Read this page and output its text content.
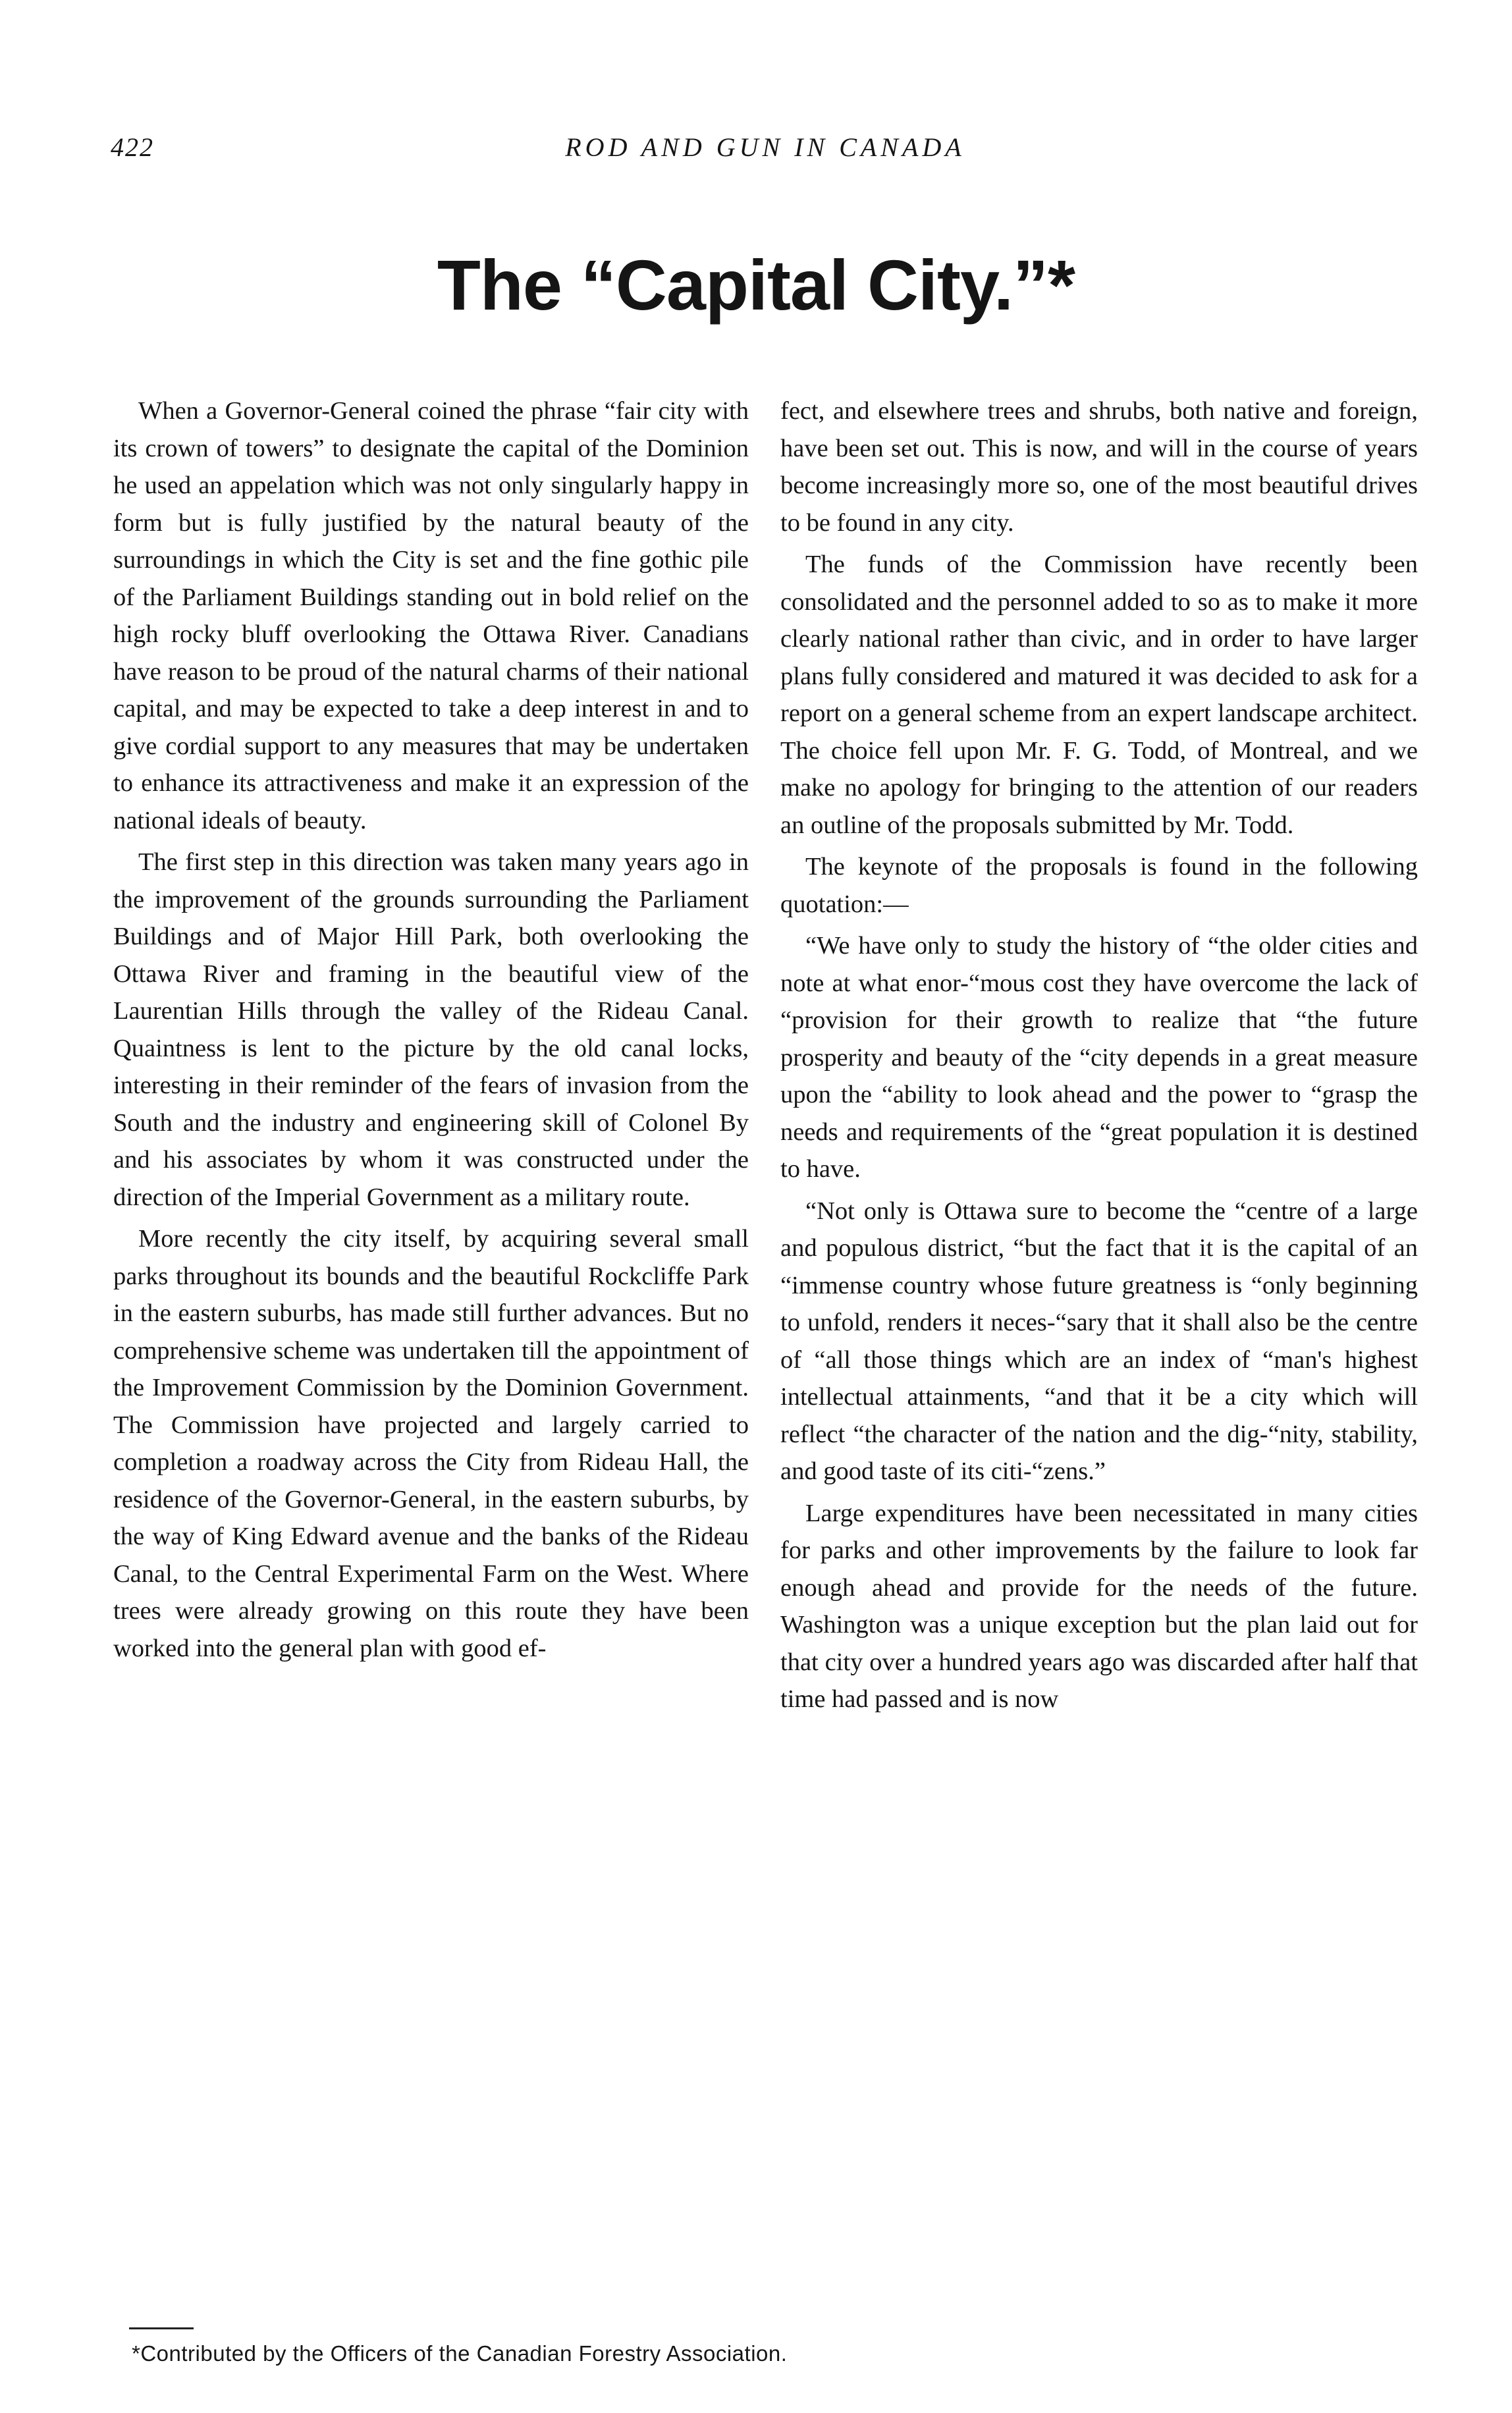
422	ROD AND GUN IN CANADA
The “Capital City.”*

When a Governor-General coined the phrase “fair city with its crown of towers” to designate the capital of the Dominion he used an appelation which was not only singularly happy in form but is fully justified by the natural beauty of the surroundings in which the City is set and the fine gothic pile of the Parliament Buildings standing out in bold relief on the high rocky bluff overlooking the Ottawa River. Canadians have reason to be proud of the natural charms of their national capital, and may be expected to take a deep interest in and to give cordial support to any measures that may be undertaken to enhance its attractiveness and make it an expression of the national ideals of beauty.

The first step in this direction was taken many years ago in the improvement of the grounds surrounding the Parliament Buildings and of Major Hill Park, both overlooking the Ottawa River and framing in the beautiful view of the Laurentian Hills through the valley of the Rideau Canal. Quaintness is lent to the picture by the old canal locks, interesting in their reminder of the fears of invasion from the South and the industry and engineering skill of Colonel By and his associates by whom it was constructed under the direction of the Imperial Government as a military route.

More recently the city itself, by acquiring several small parks throughout its bounds and the beautiful Rockcliffe Park in the eastern suburbs, has made still further advances. But no comprehensive scheme was undertaken till the appointment of the Improvement Commission by the Dominion Government. The Commission have projected and largely carried to completion a roadway across the City from Rideau Hall, the residence of the Governor-General, in the eastern suburbs, by the way of King Edward avenue and the banks of the Rideau Canal, to the Central Experimental Farm on the West. Where trees were already growing on this route they have been worked into the general plan with good ef-

fect, and elsewhere trees and shrubs, both native and foreign, have been set out. This is now, and will in the course of years become increasingly more so, one of the most beautiful drives to be found in any city.

The funds of the Commission have recently been consolidated and the personnel added to so as to make it more clearly national rather than civic, and in order to have larger plans fully considered and matured it was decided to ask for a report on a general scheme from an expert landscape architect. The choice fell upon Mr. F. G. Todd, of Montreal, and we make no apology for bringing to the attention of our readers an outline of the proposals submitted by Mr. Todd.

The keynote of the proposals is found in the following quotation:—

“We have only to study the history of “the older cities and note at what enor-“mous cost they have overcome the lack of “provision for their growth to realize that “the future prosperity and beauty of the “city depends in a great measure upon the “ability to look ahead and the power to “grasp the needs and requirements of the “great population it is destined to have.

“Not only is Ottawa sure to become the “centre of a large and populous district, “but the fact that it is the capital of an “immense country whose future greatness is “only beginning to unfold, renders it neces-“sary that it shall also be the centre of “all those things which are an index of “man's highest intellectual attainments, “and that it be a city which will reflect “the character of the nation and the dig-“nity, stability, and good taste of its citi-“zens.”

Large expenditures have been necessitated in many cities for parks and other improvements by the failure to look far enough ahead and provide for the needs of the future. Washington was a unique exception but the plan laid out for that city over a hundred years ago was discarded after half that time had passed and is now

*Contributed by the Officers of the Canadian Forestry Association.
